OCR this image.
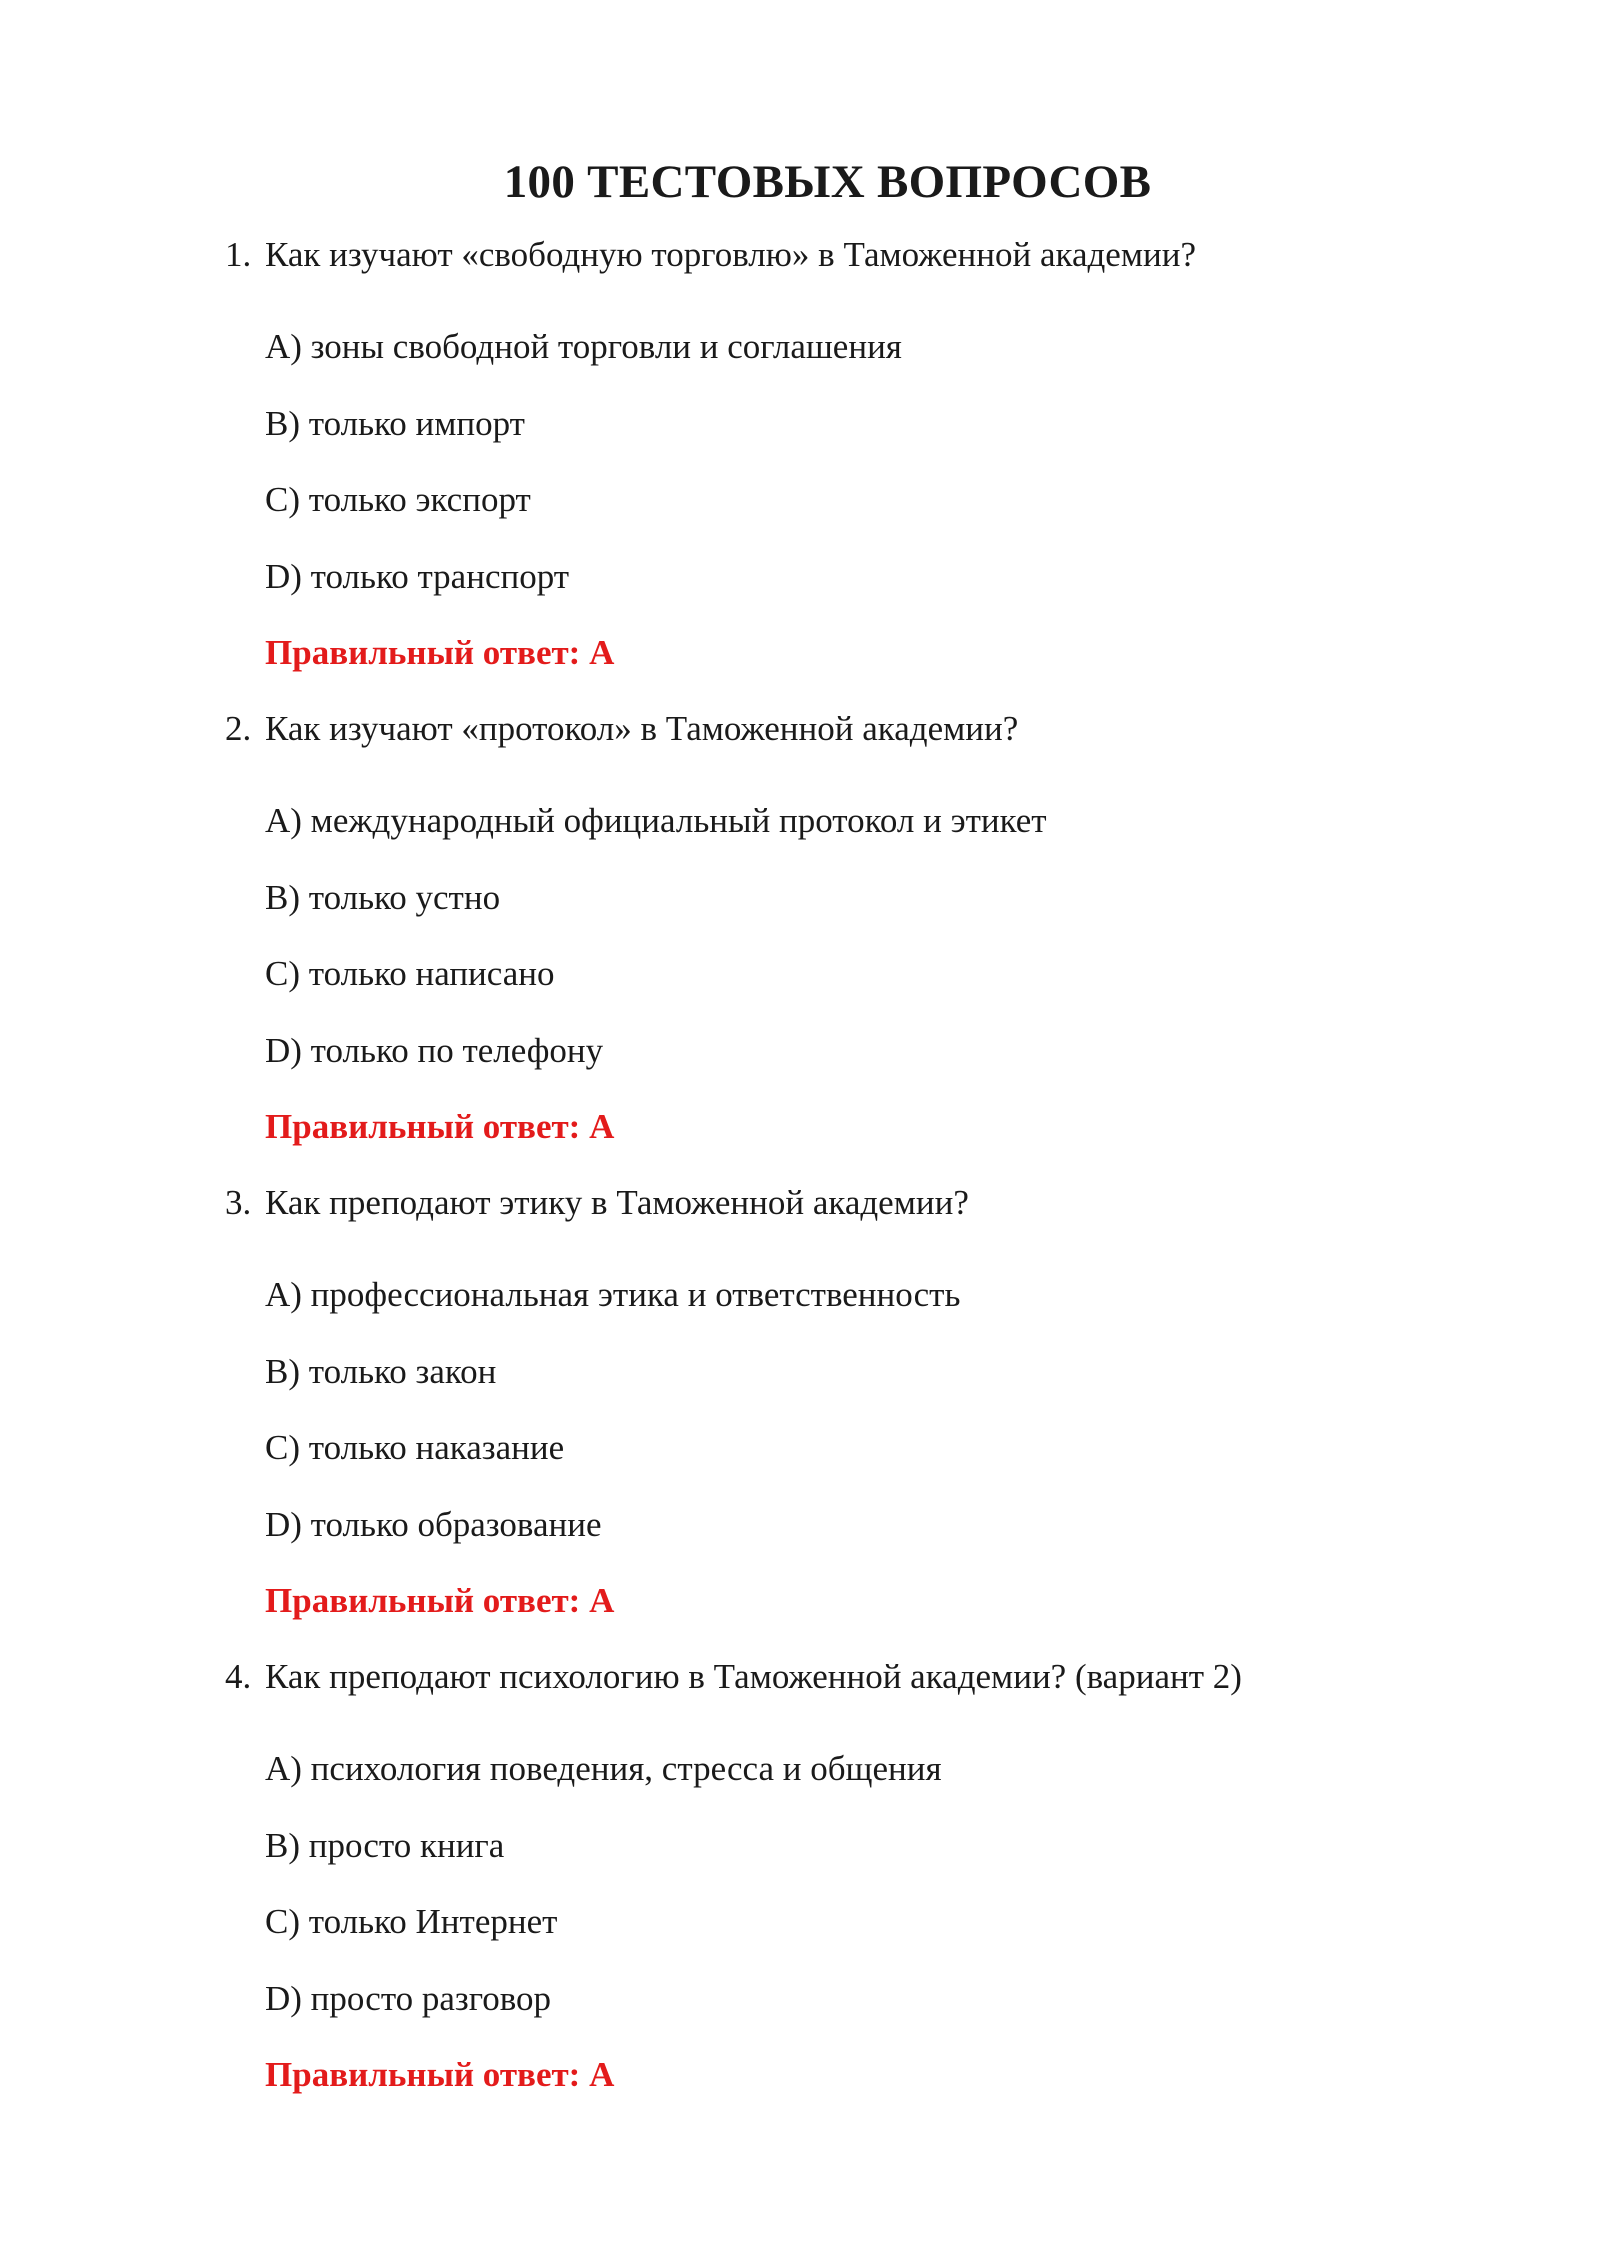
100 ТЕСТОВЫХ ВОПРОСОВ

1. Как изучают «свободную торговлю» в Таможенной академии?

A) зоны свободной торговли и соглашения
B) только импорт
C) только экспорт
D) только транспорт
Правильный ответ: A

2. Как изучают «протокол» в Таможенной академии?

A) международный официальный протокол и этикет
B) только устно
C) только написано
D) только по телефону
Правильный ответ: A

3. Как преподают этику в Таможенной академии?

A) профессиональная этика и ответственность
B) только закон
C) только наказание
D) только образование
Правильный ответ: A

4. Как преподают психологию в Таможенной академии? (вариант 2)

A) психология поведения, стресса и общения
B) просто книга
C) только Интернет
D) просто разговор
Правильный ответ: A
